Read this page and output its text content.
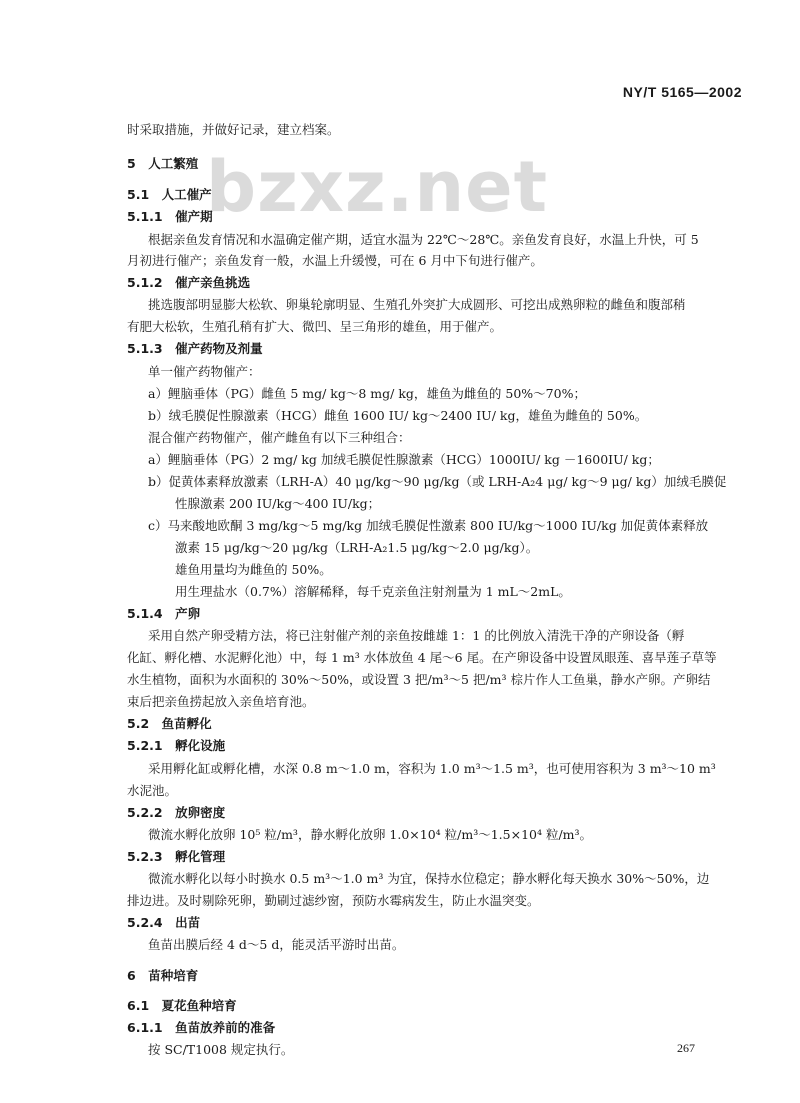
NY/T 5165—2002
bzxz.net
时采取措施，并做好记录，建立档案。
5　人工繁殖
5.1　人工催产
5.1.1　催产期
根据亲鱼发育情况和水温确定催产期，适宜水温为 22℃～28℃。亲鱼发育良好，水温上升快，可 5
月初进行催产；亲鱼发育一般，水温上升缓慢，可在 6 月中下旬进行催产。
5.1.2　催产亲鱼挑选
挑选腹部明显膨大松软、卵巢轮廓明显、生殖孔外突扩大成圆形、可挖出成熟卵粒的雌鱼和腹部稍
有肥大松软，生殖孔稍有扩大、微凹、呈三角形的雄鱼，用于催产。
5.1.3　催产药物及剂量
单一催产药物催产：
a）鲤脑垂体（PG）雌鱼 5 mg/ kg～8 mg/ kg，雄鱼为雌鱼的 50%～70%；
b）绒毛膜促性腺激素（HCG）雌鱼 1600 IU/ kg～2400 IU/ kg，雄鱼为雌鱼的 50%。
混合催产药物催产，催产雌鱼有以下三种组合：
a）鲤脑垂体（PG）2 mg/ kg 加绒毛膜促性腺激素（HCG）1000IU/ kg －1600IU/ kg；
b）促黄体素释放激素（LRH-A）40 μg/kg～90 μg/kg（或 LRH-A₂4 μg/ kg～9 μg/ kg）加绒毛膜促
性腺激素 200 IU/kg～400 IU/kg；
c）马来酸地欧酮 3 mg/kg～5 mg/kg 加绒毛膜促性激素 800 IU/kg～1000 IU/kg 加促黄体素释放
激素 15 μg/kg～20 μg/kg（LRH-A₂1.5 μg/kg～2.0 μg/kg）。
雄鱼用量均为雌鱼的 50%。
用生理盐水（0.7%）溶解稀释，每千克亲鱼注射剂量为 1 mL～2mL。
5.1.4　产卵
采用自然产卵受精方法，将已注射催产剂的亲鱼按雌雄 1：1 的比例放入清洗干净的产卵设备（孵
化缸、孵化槽、水泥孵化池）中，每 1 m³ 水体放鱼 4 尾～6 尾。在产卵设备中设置凤眼莲、喜旱莲子草等
水生植物，面积为水面积的 30%～50%，或设置 3 把/m³～5 把/m³ 棕片作人工鱼巢，静水产卵。产卵结
束后把亲鱼捞起放入亲鱼培育池。
5.2　鱼苗孵化
5.2.1　孵化设施
采用孵化缸或孵化槽，水深 0.8 m～1.0 m，容积为 1.0 m³～1.5 m³，也可使用容积为 3 m³～10 m³
水泥池。
5.2.2　放卵密度
微流水孵化放卵 10⁵ 粒/m³，静水孵化放卵 1.0×10⁴ 粒/m³～1.5×10⁴ 粒/m³。
5.2.3　孵化管理
微流水孵化以每小时换水 0.5 m³～1.0 m³ 为宜，保持水位稳定；静水孵化每天换水 30%～50%，边
排边进。及时剔除死卵，勤刷过滤纱窗，预防水霉病发生，防止水温突变。
5.2.4　出苗
鱼苗出膜后经 4 d～5 d，能灵活平游时出苗。
6　苗种培育
6.1　夏花鱼种培育
6.1.1　鱼苗放养前的准备
按 SC/T1008 规定执行。	267
